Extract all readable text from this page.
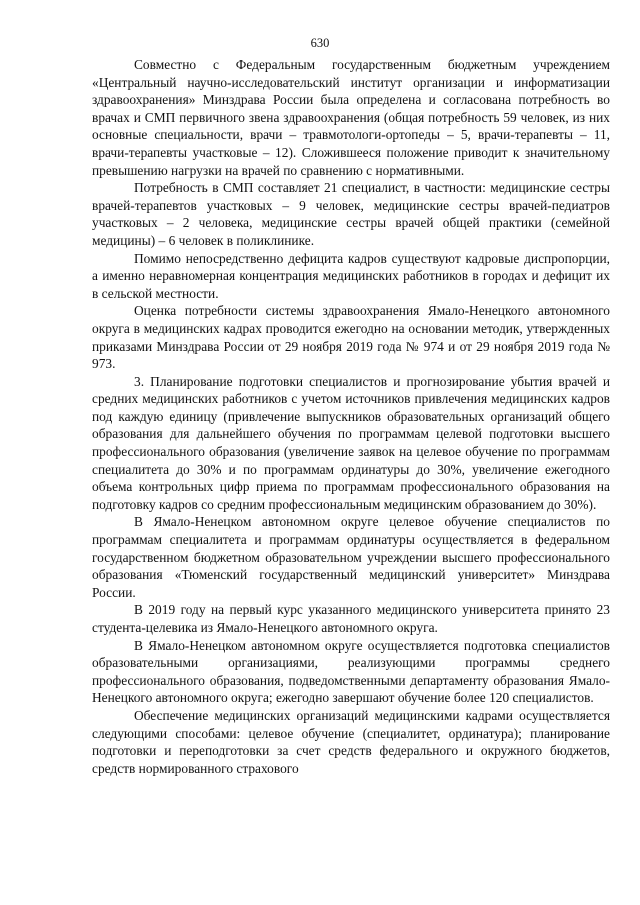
630

Совместно с Федеральным государственным бюджетным учреждением «Центральный научно-исследовательский институт организации и информатизации здравоохранения» Минздрава России была определена и согласована потребность во врачах и СМП первичного звена здравоохранения (общая потребность 59 человек, из них основные специальности, врачи – травмотологи-ортопеды – 5, врачи-терапевты – 11, врачи-терапевты участковые – 12). Сложившееся положение приводит к значительному превышению нагрузки на врачей по сравнению с нормативными.

Потребность в СМП составляет 21 специалист, в частности: медицинские сестры врачей-терапевтов участковых – 9 человек, медицинские сестры врачей-педиатров участковых – 2 человека, медицинские сестры врачей общей практики (семейной медицины) – 6 человек в поликлинике.

Помимо непосредственно дефицита кадров существуют кадровые диспропорции, а именно неравномерная концентрация медицинских работников в городах и дефицит их в сельской местности.

Оценка потребности системы здравоохранения Ямало-Ненецкого автономного округа в медицинских кадрах проводится ежегодно на основании методик, утвержденных приказами Минздрава России от 29 ноября 2019 года № 974 и от 29 ноября 2019 года № 973.

3. Планирование подготовки специалистов и прогнозирование убытия врачей и средних медицинских работников с учетом источников привлечения медицинских кадров под каждую единицу (привлечение выпускников образовательных организаций общего образования для дальнейшего обучения по программам целевой подготовки высшего профессионального образования (увеличение заявок на целевое обучение по программам специалитета до 30% и по программам ординатуры до 30%, увеличение ежегодного объема контрольных цифр приема по программам профессионального образования на подготовку кадров со средним профессиональным медицинским образованием до 30%).

В Ямало-Ненецком автономном округе целевое обучение специалистов по программам специалитета и программам ординатуры осуществляется в федеральном государственном бюджетном образовательном учреждении высшего профессионального образования «Тюменский государственный медицинский университет» Минздрава России.

В 2019 году на первый курс указанного медицинского университета принято 23 студента-целевика из Ямало-Ненецкого автономного округа.

В Ямало-Ненецком автономном округе осуществляется подготовка специалистов образовательными организациями, реализующими программы среднего профессионального образования, подведомственными департаменту образования Ямало-Ненецкого автономного округа; ежегодно завершают обучение более 120 специалистов.

Обеспечение медицинских организаций медицинскими кадрами осуществляется следующими способами: целевое обучение (специалитет, ординатура); планирование подготовки и переподготовки за счет средств федерального и окружного бюджетов, средств нормированного страхового
